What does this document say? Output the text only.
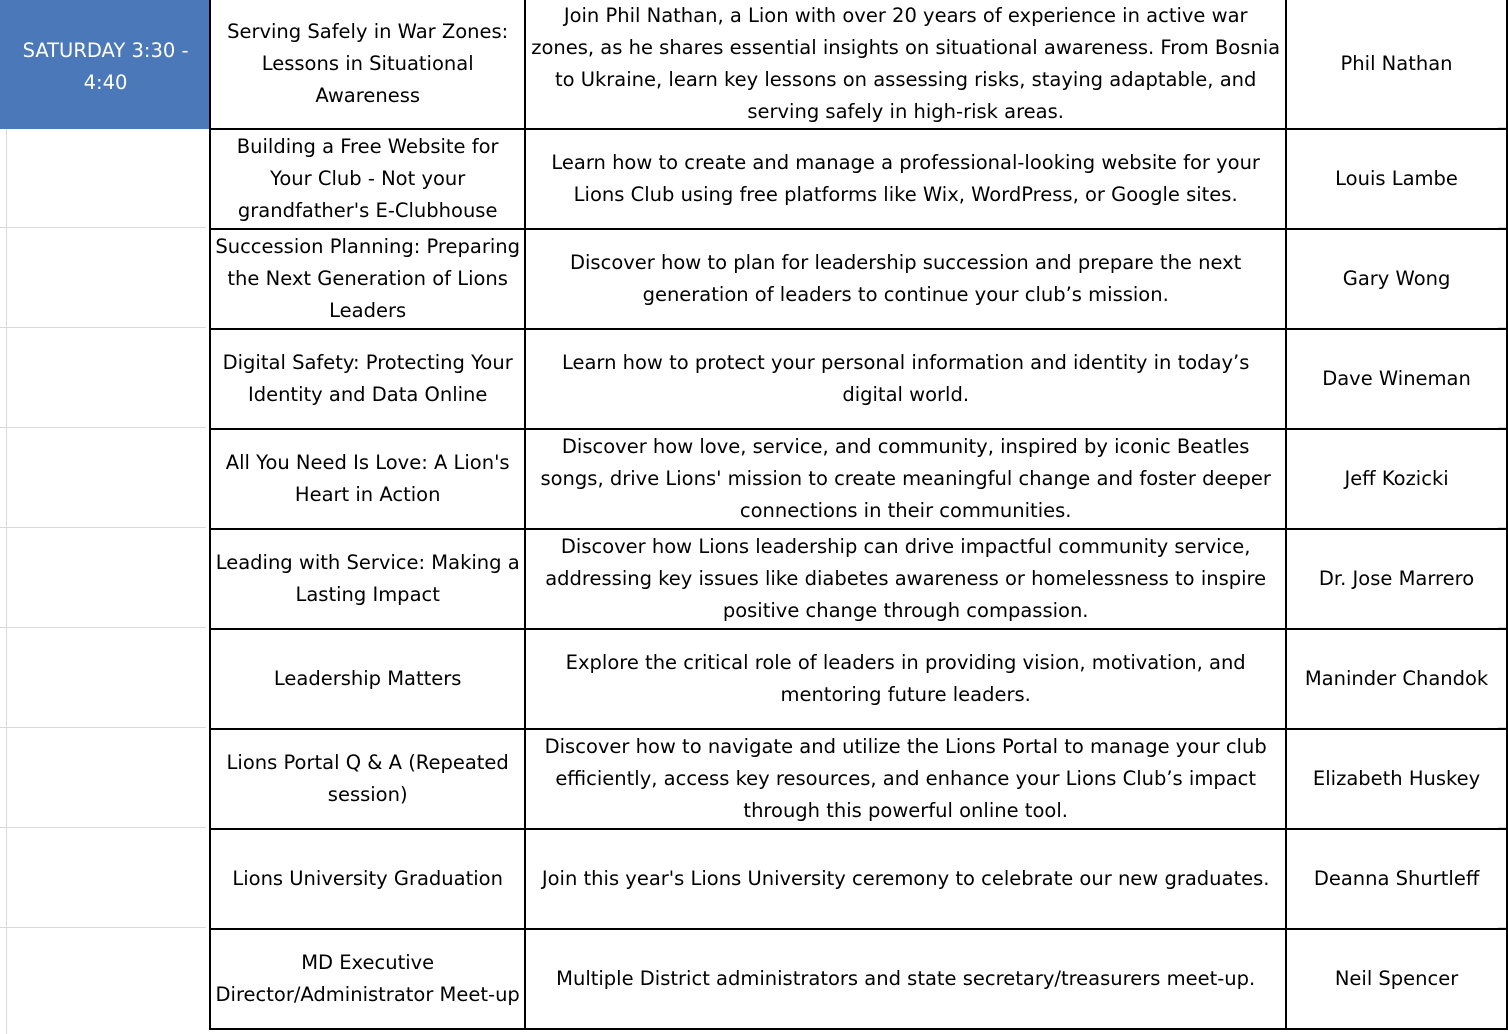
SATURDAY 3:30 - 4:40	Serving Safely in War Zones: Lessons in Situational Awareness	Join Phil Nathan, a Lion with over 20 years of experience in active war zones, as he shares essential insights on situational awareness. From Bosnia to Ukraine, learn key lessons on assessing risks, staying adaptable, and serving safely in high-risk areas.	Phil Nathan
	Building a Free Website for Your Club - Not your grandfather's E-Clubhouse	Learn how to create and manage a professional-looking website for your Lions Club using free platforms like Wix, WordPress, or Google sites.	Louis Lambe
	Succession Planning: Preparing the Next Generation of Lions Leaders	Discover how to plan for leadership succession and prepare the next generation of leaders to continue your club’s mission.	Gary Wong
	Digital Safety: Protecting Your Identity and Data Online	Learn how to protect your personal information and identity in today’s digital world.	Dave Wineman
	All You Need Is Love: A Lion's Heart in Action	Discover how love, service, and community, inspired by iconic Beatles songs, drive Lions' mission to create meaningful change and foster deeper connections in their communities.	Jeff Kozicki
	Leading with Service: Making a Lasting Impact	Discover how Lions leadership can drive impactful community service, addressing key issues like diabetes awareness or homelessness to inspire positive change through compassion.	Dr. Jose Marrero
	Leadership Matters	Explore the critical role of leaders in providing vision, motivation, and mentoring future leaders.	Maninder Chandok
	Lions Portal Q & A (Repeated session)	Discover how to navigate and utilize the Lions Portal to manage your club efficiently, access key resources, and enhance your Lions Club’s impact through this powerful online tool.	Elizabeth Huskey
	Lions University Graduation	Join this year's Lions University ceremony to celebrate our new graduates.	Deanna Shurtleff
	MD Executive Director/Administrator Meet-up	Multiple District administrators and state secretary/treasurers meet-up.	Neil Spencer
